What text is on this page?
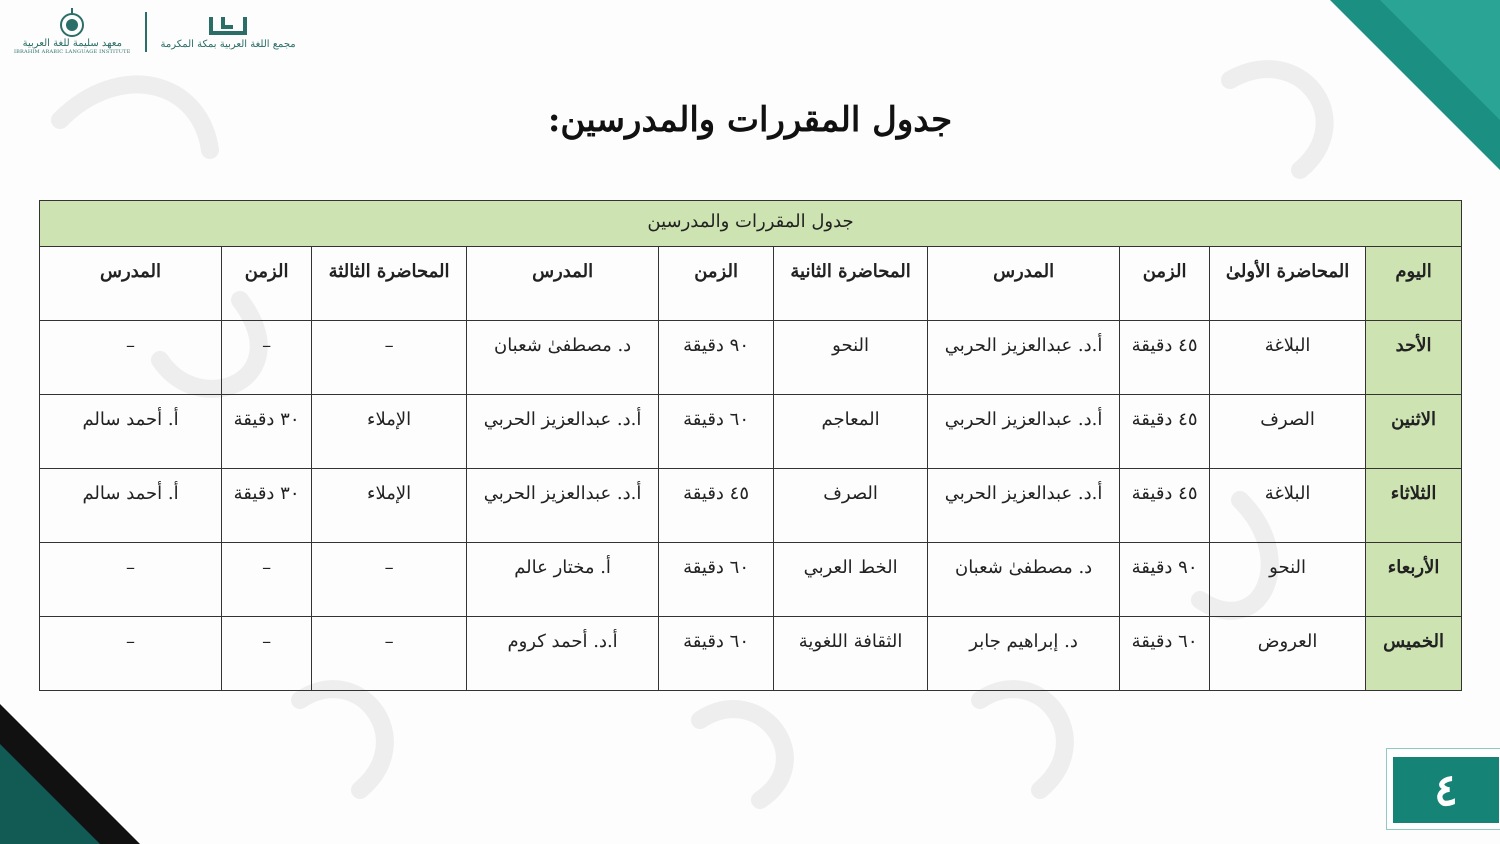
مجمع اللغة العربية بمكة المكرمة
معهد سليمة للغة العربية
IBRAHIM ARABIC LANGUAGE INSTITUTE
جدول المقررات والمدرسين:
جدول المقررات والمدرسين									
اليوم	المحاضرة الأولىٰ	الزمن	المدرس	المحاضرة الثانية	الزمن	المدرس	المحاضرة الثالثة	الزمن	المدرس
الأحد	البلاغة	٤٥ دقيقة	أ.د. عبدالعزيز الحربي	النحو	٩٠ دقيقة	د. مصطفىٰ شعبان	–	–	–
الاثنين	الصرف	٤٥ دقيقة	أ.د. عبدالعزيز الحربي	المعاجم	٦٠ دقيقة	أ.د. عبدالعزيز الحربي	الإملاء	٣٠ دقيقة	أ. أحمد سالم
الثلاثاء	البلاغة	٤٥ دقيقة	أ.د. عبدالعزيز الحربي	الصرف	٤٥ دقيقة	أ.د. عبدالعزيز الحربي	الإملاء	٣٠ دقيقة	أ. أحمد سالم
الأربعاء	النحو	٩٠ دقيقة	د. مصطفىٰ شعبان	الخط العربي	٦٠ دقيقة	أ. مختار عالم	–	–	–
الخميس	العروض	٦٠ دقيقة	د. إبراهيم جابر	الثقافة اللغوية	٦٠ دقيقة	أ.د. أحمد كروم	–	–	–
٤
